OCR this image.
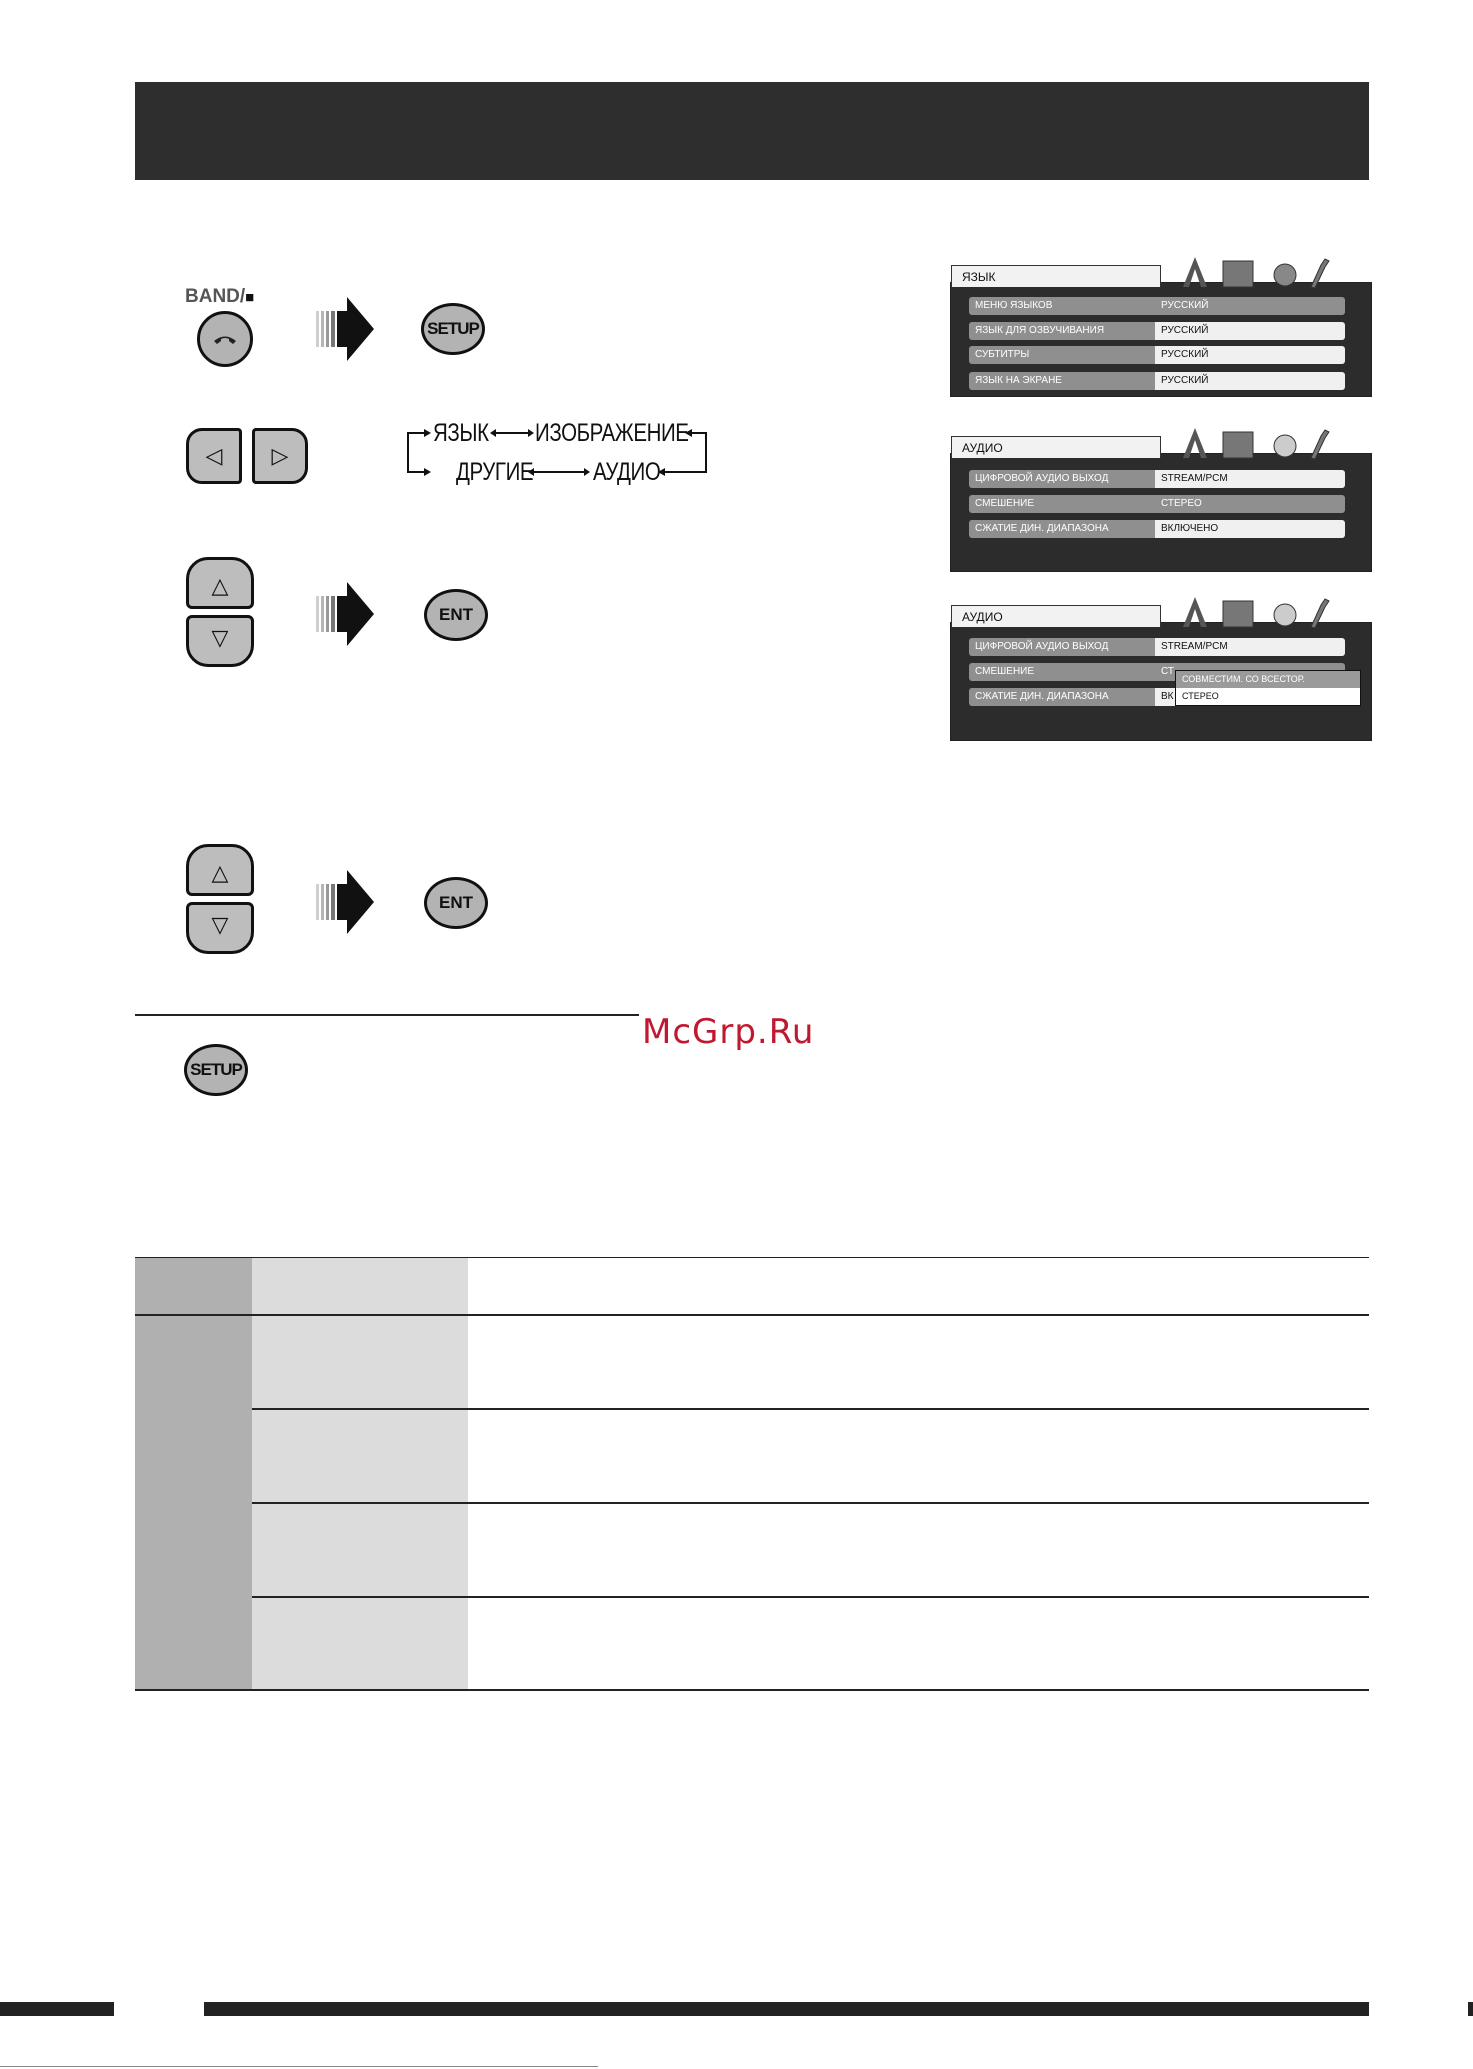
BAND/■
SETUP
◁ ▷
ЯЗЫК ИЗОБРАЖЕНИЕ
ДРУГИЕ АУДИО
△
▽
ENT
△
▽
ENT
McGrp.Ru
SETUP
ЯЗЫК
МЕНЮ ЯЗЫКОВ	РУССКИЙ
ЯЗЫК ДЛЯ ОЗВУЧИВАНИЯ	РУССКИЙ
СУБТИТРЫ	РУССКИЙ
ЯЗЫК НА ЭКРАНЕ	РУССКИЙ
АУДИО
ЦИФРОВОЙ АУДИО ВЫХОД	STREAM/PCM
СМЕШЕНИЕ	СТЕРЕО
СЖАТИЕ ДИН. ДИАПАЗОНА	ВКЛЮЧЕНО
АУДИО
ЦИФРОВОЙ АУДИО ВЫХОД	STREAM/PCM
СМЕШЕНИЕ	СТ
СЖАТИЕ ДИН. ДИАПАЗОНА	ВК
СОВМЕСТИМ. СО ВСЕСТОР.
СТЕРЕО
